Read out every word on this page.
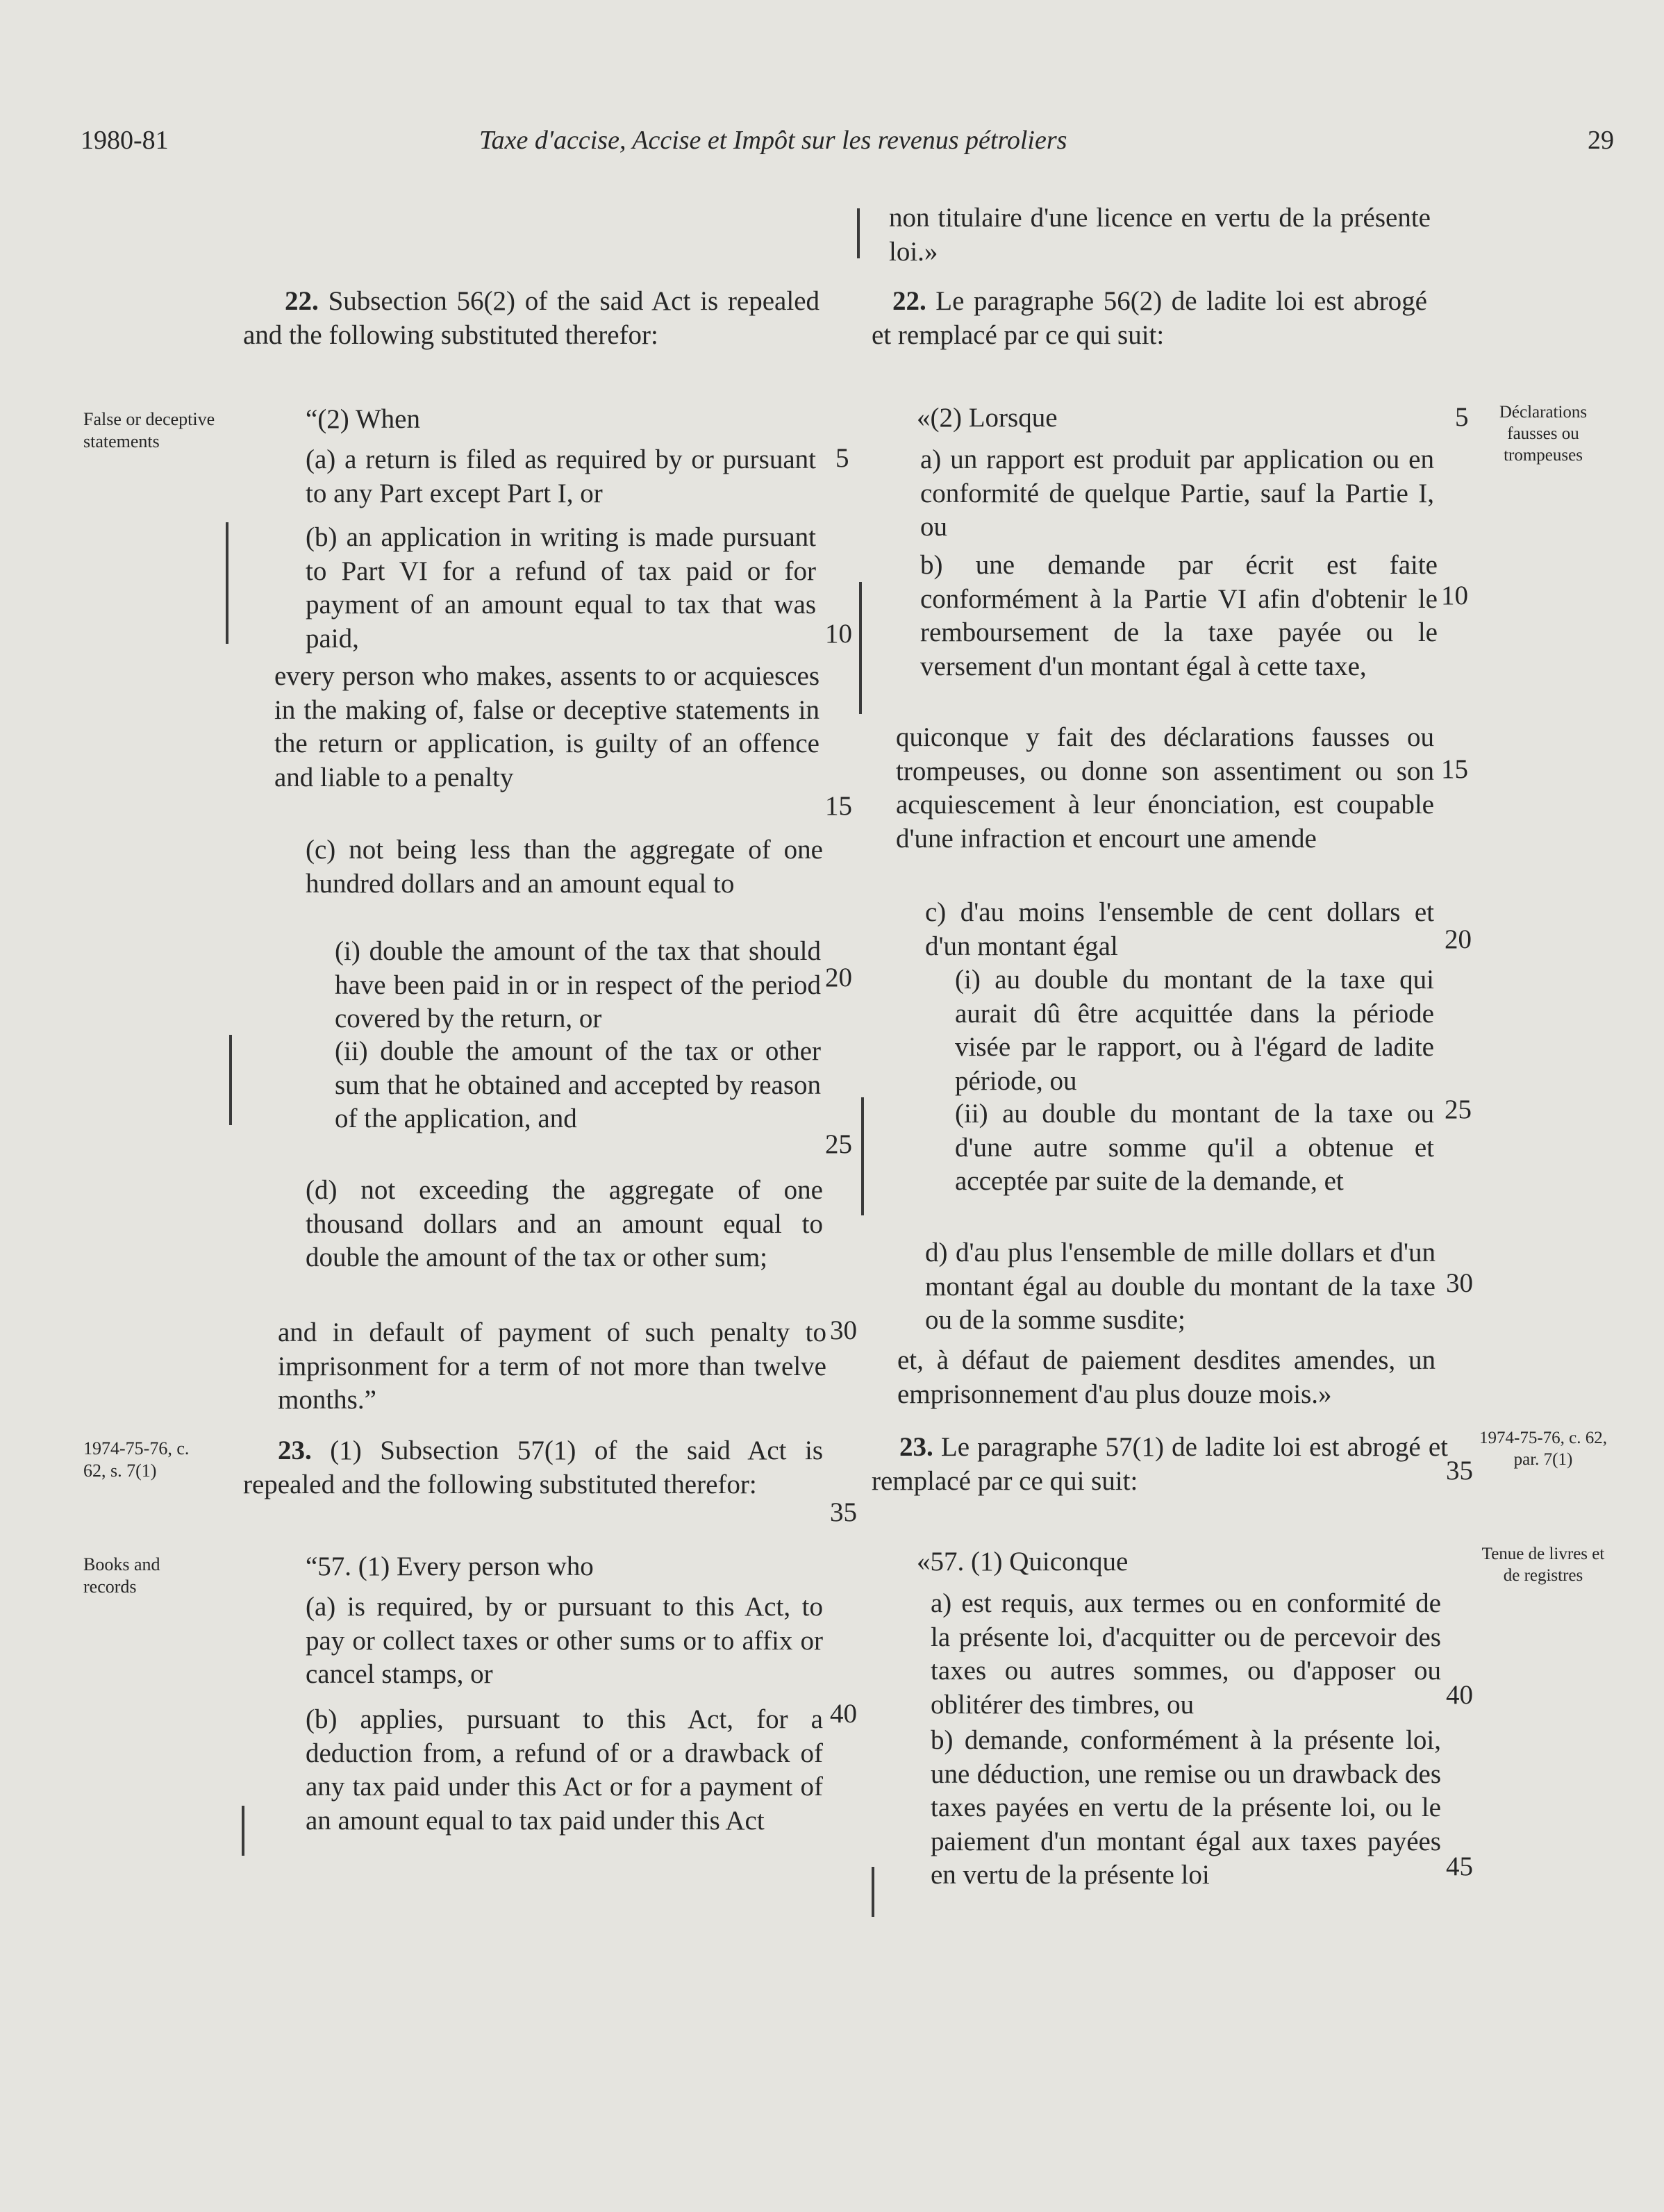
1980-81	Taxe d'accise, Accise et Impôt sur les revenus pétroliers	29
False or deceptive statements
Déclarations fausses ou trompeuses
1974-75-76, c. 62, s. 7(1)
1974-75-76, c. 62, par. 7(1)
Books and records
Tenue de livres et de registres

22. Subsection 56(2) of the said Act is repealed and the following substituted therefor:

“(2) When

(a) a return is filed as required by or pursuant to any Part except Part I, or

(b) an application in writing is made pursuant to Part VI for a refund of tax paid or for payment of an amount equal to tax that was paid,

every person who makes, assents to or acquiesces in the making of, false or deceptive statements in the return or application, is guilty of an offence and liable to a penalty

(c) not being less than the aggregate of one hundred dollars and an amount equal to

(i) double the amount of the tax that should have been paid in or in respect of the period covered by the return, or

(ii) double the amount of the tax or other sum that he obtained and accepted by reason of the application, and

(d) not exceeding the aggregate of one thousand dollars and an amount equal to double the amount of the tax or other sum;

and in default of payment of such penalty to imprisonment for a term of not more than twelve months.”

23. (1) Subsection 57(1) of the said Act is repealed and the following substituted therefor:

“57. (1) Every person who

(a) is required, by or pursuant to this Act, to pay or collect taxes or other sums or to affix or cancel stamps, or

(b) applies, pursuant to this Act, for a deduction from, a refund of or a drawback of any tax paid under this Act or for a payment of an amount equal to tax paid under this Act

non titulaire d'une licence en vertu de la présente loi.»

22. Le paragraphe 56(2) de ladite loi est abrogé et remplacé par ce qui suit:

«(2) Lorsque

a) un rapport est produit par application ou en conformité de quelque Partie, sauf la Partie I, ou

b) une demande par écrit est faite conformément à la Partie VI afin d'obtenir le remboursement de la taxe payée ou le versement d'un montant égal à cette taxe,

quiconque y fait des déclarations fausses ou trompeuses, ou donne son assentiment ou son acquiescement à leur énonciation, est coupable d'une infraction et encourt une amende

c) d'au moins l'ensemble de cent dollars et d'un montant égal

(i) au double du montant de la taxe qui aurait dû être acquittée dans la période visée par le rapport, ou à l'égard de ladite période, ou

(ii) au double du montant de la taxe ou d'une autre somme qu'il a obtenue et acceptée par suite de la demande, et

d) d'au plus l'ensemble de mille dollars et d'un montant égal au double du montant de la taxe ou de la somme susdite;

et, à défaut de paiement desdites amendes, un emprisonnement d'au plus douze mois.»

23. Le paragraphe 57(1) de ladite loi est abrogé et remplacé par ce qui suit:

«57. (1) Quiconque

a) est requis, aux termes ou en conformité de la présente loi, d'acquitter ou de percevoir des taxes ou autres sommes, ou d'apposer ou oblitérer des timbres, ou

b) demande, conformément à la présente loi, une déduction, une remise ou un drawback des taxes payées en vertu de la présente loi, ou le paiement d'un montant égal aux taxes payées en vertu de la présente loi

5
10
15
20
25
30
35
40
5
10
15
20
25
30
35
40
45
